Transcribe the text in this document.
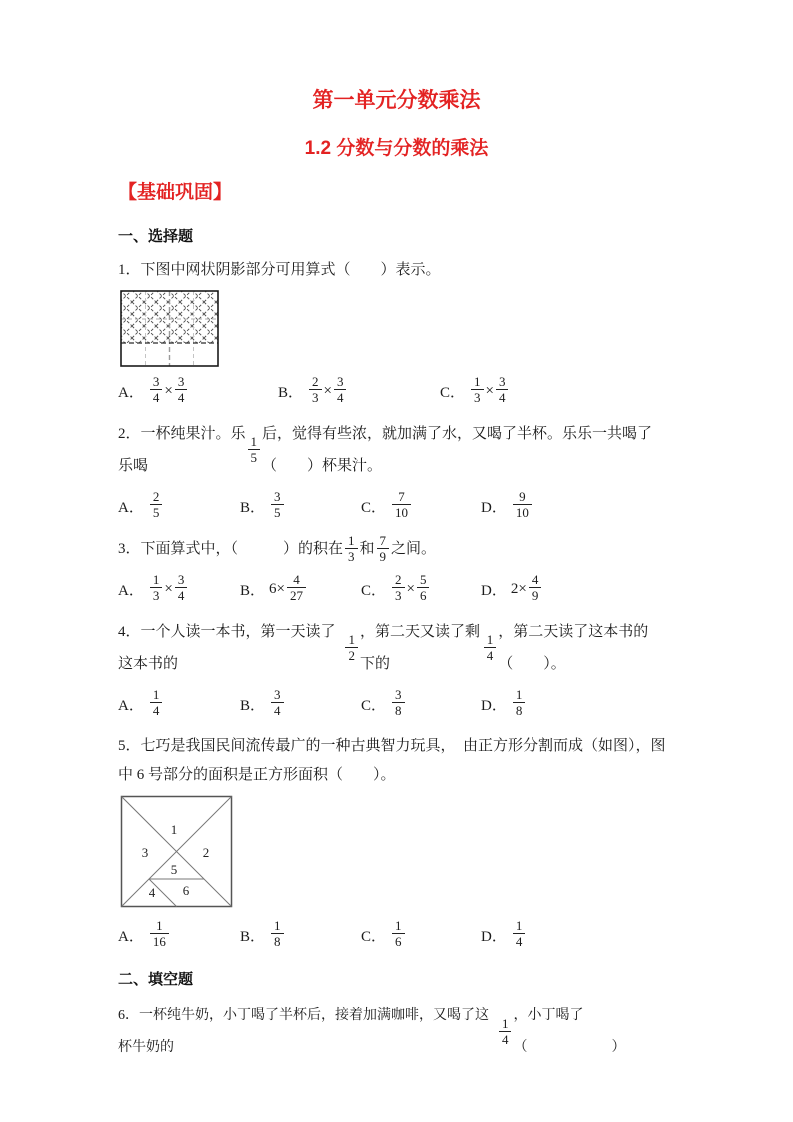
第一单元分数乘法
1.2 分数与分数的乘法
【基础巩固】
一、选择题

1．下图中网状阴影部分可用算式（　　）表示。

A． $\frac{3}{4} \times \frac{3}{4}$	B． $\frac{2}{3} \times \frac{3}{4}$	C． $\frac{1}{3} \times \frac{3}{4}$

2．一杯纯果汁。乐乐喝
$\frac{1}{5}$ 后，觉得有些浓，就加满了水，又喝了半杯。乐乐一共喝了（　　）杯果汁。

A． $\frac{2}{5}$	B． $\frac{3}{5}$	C． $\frac{7}{10}$	D． $\frac{9}{10}$

3．下面算式中，（　　　）的积在 $\frac{1}{3}$ 和 $\frac{7}{9}$ 之间。

A． $\frac{1}{3} \times \frac{3}{4}$	B． $6\times \frac{4}{27}$	C． $\frac{2}{3} \times \frac{5}{6}$	D． $2\times \frac{4}{9}$

4．一个人读一本书，第一天读了这本书的
$\frac{1}{2}$ ，第二天又读了剩下的
$\frac{1}{4}$ ，第二天读了这本书的（　　）。

A． $\frac{1}{4}$	B． $\frac{3}{4}$	C． $\frac{3}{8}$	D． $\frac{1}{8}$

5．七巧是我国民间流传最广的一种古典智力玩具，　由正方形分割而成（如图），图中 6 号部分的面积是正方形面积（　　）。

1
2
3
4
5
6
A． $\frac{1}{16}$	B． $\frac{1}{8}$	C． $\frac{1}{6}$	D． $\frac{1}{4}$
二、填空题

6．一杯纯牛奶，小丁喝了半杯后，接着加满咖啡，又喝了这杯牛奶的
$\frac{1}{4}$ ，小丁喝了（　　　　　　）
